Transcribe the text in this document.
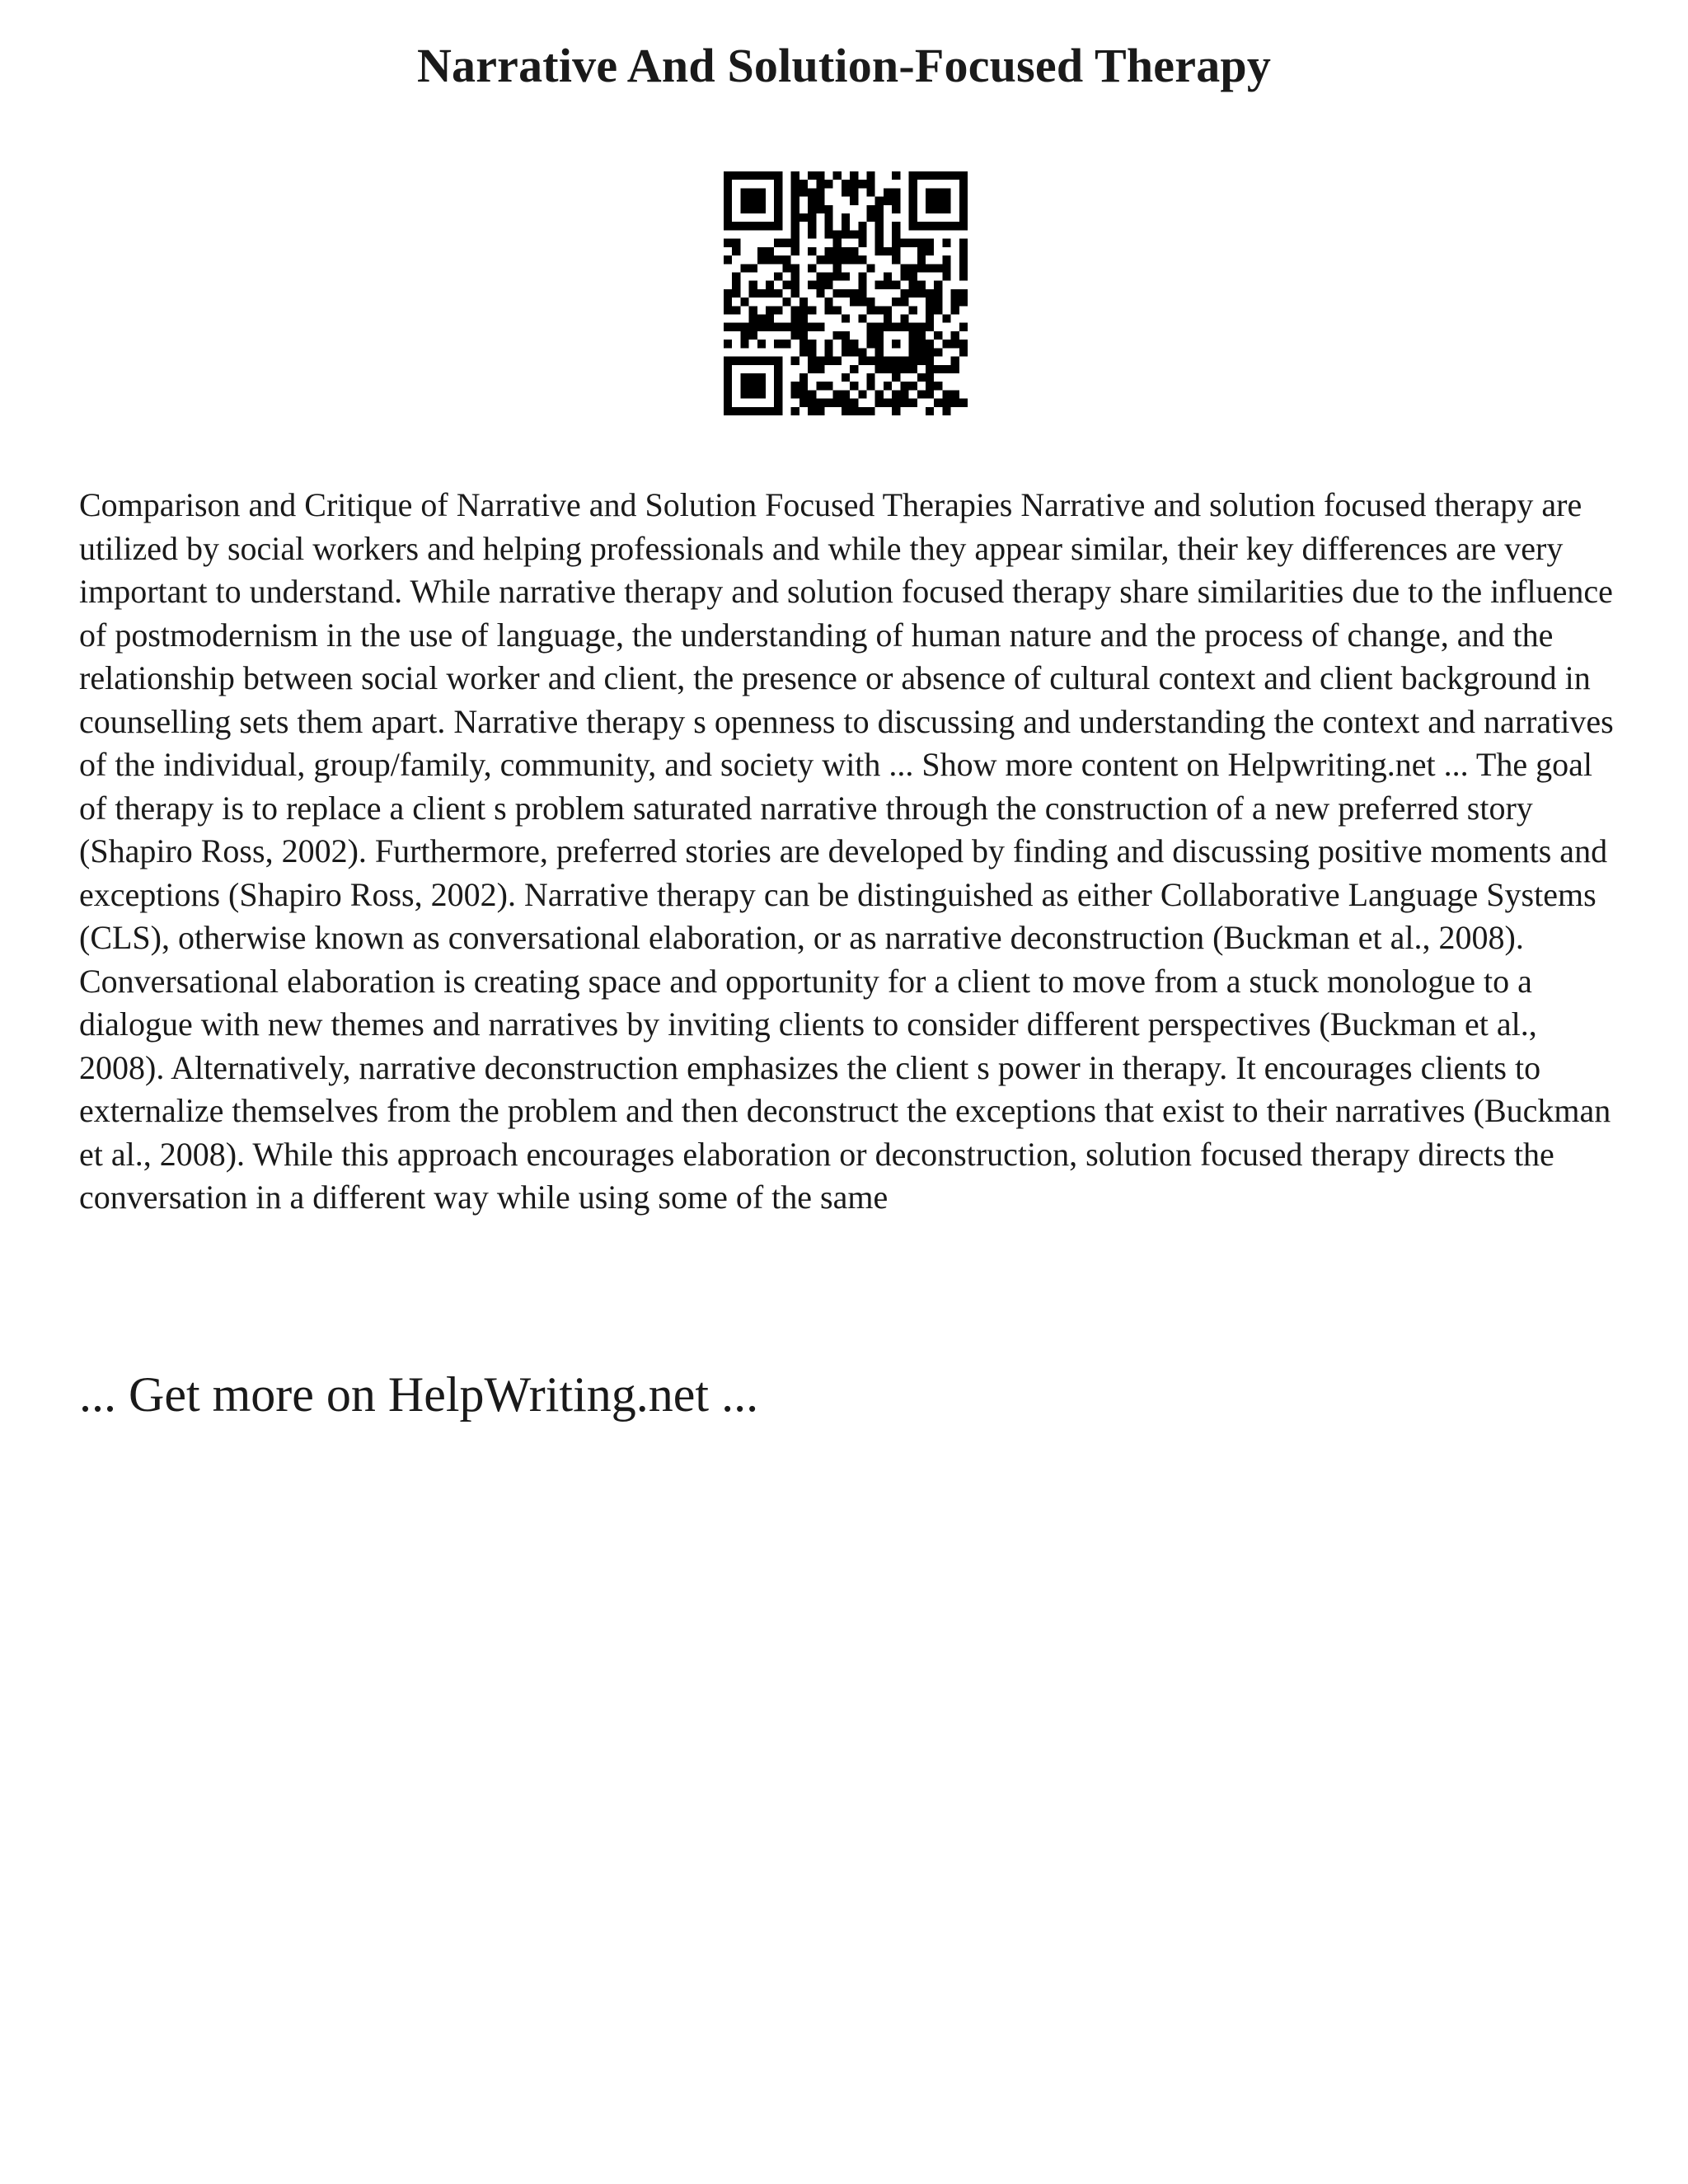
Narrative And Solution-Focused Therapy

Comparison and Critique of Narrative and Solution Focused Therapies Narrative and solution focused therapy are utilized by social workers and helping professionals and while they appear similar, their key differences are very important to understand. While narrative therapy and solution focused therapy share similarities due to the influence of postmodernism in the use of language, the understanding of human nature and the process of change, and the relationship between social worker and client, the presence or absence of cultural context and client background in counselling sets them apart. Narrative therapy s openness to discussing and understanding the context and narratives of the individual, group/family, community, and society with ... Show more content on Helpwriting.net ... The goal of therapy is to replace a client s problem saturated narrative through the construction of a new preferred story (Shapiro Ross, 2002). Furthermore, preferred stories are developed by finding and discussing positive moments and exceptions (Shapiro Ross, 2002). Narrative therapy can be distinguished as either Collaborative Language Systems (CLS), otherwise known as conversational elaboration, or as narrative deconstruction (Buckman et al., 2008). Conversational elaboration is creating space and opportunity for a client to move from a stuck monologue to a dialogue with new themes and narratives by inviting clients to consider different perspectives (Buckman et al., 2008). Alternatively, narrative deconstruction emphasizes the client s power in therapy. It encourages clients to externalize themselves from the problem and then deconstruct the exceptions that exist to their narratives (Buckman et al., 2008). While this approach encourages elaboration or deconstruction, solution focused therapy directs the conversation in a different way while using some of the same

... Get more on HelpWriting.net ...
